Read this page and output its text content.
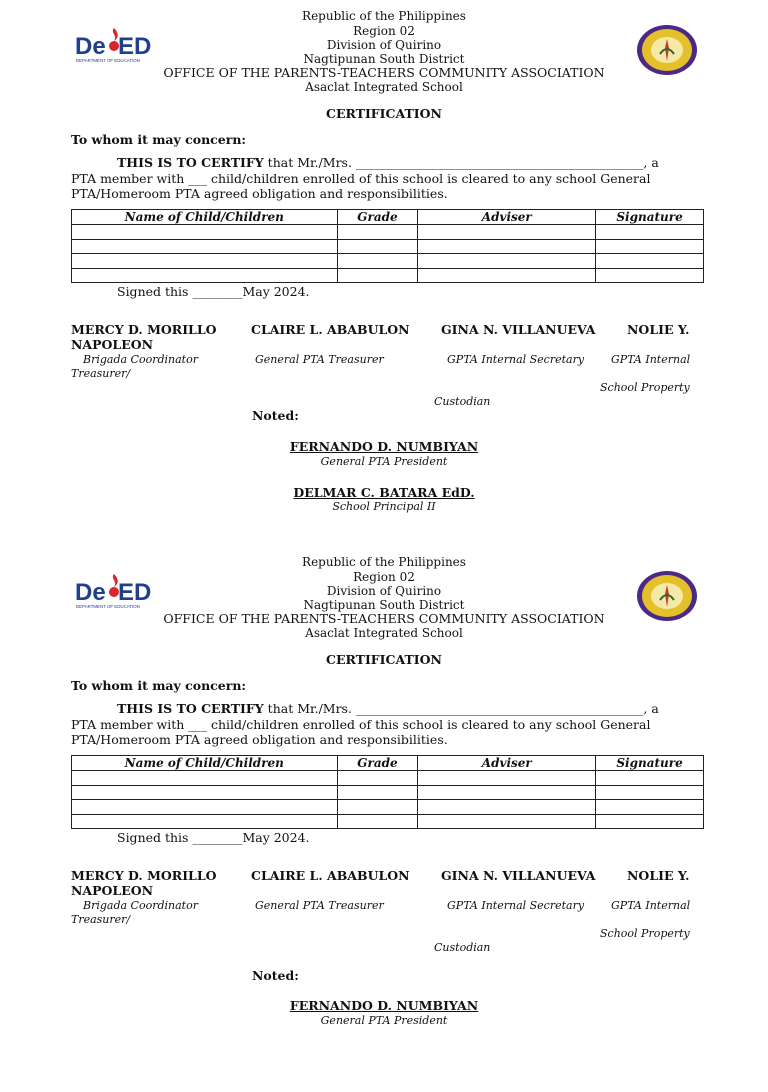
De ED
DEPARTMENT OF EDUCATION
Republic of the Philippines
Region 02
Division of Quirino
Nagtipunan South District
OFFICE OF THE PARENTS-TEACHERS COMMUNITY ASSOCIATION
Asaclat Integrated School
CERTIFICATION
To whom it may concern:
THIS IS TO CERTIFY that Mr./Mrs. ______________________________________________, a
PTA member with ___ child/children enrolled of this school is cleared to any school General
PTA/Homeroom PTA agreed obligation and responsibilities.
Name of Child/Children	Grade	Adviser	Signature

Signed this ________May 2024.
MERCY D. MORILLO	CLAIRE L. ABABULON	GINA N. VILLANUEVA	NOLIE Y.
NAPOLEON
Brigada Coordinator	General PTA Treasurer	GPTA Internal Secretary GPTA Internal
Treasurer/
School Property
Custodian
Noted:
FERNANDO D. NUMBIYAN
General PTA President
DELMAR C. BATARA EdD.
School Principal II
De ED
DEPARTMENT OF EDUCATION
Republic of the Philippines
Region 02
Division of Quirino
Nagtipunan South District
OFFICE OF THE PARENTS-TEACHERS COMMUNITY ASSOCIATION
Asaclat Integrated School
CERTIFICATION
To whom it may concern:
THIS IS TO CERTIFY that Mr./Mrs. ______________________________________________, a
PTA member with ___ child/children enrolled of this school is cleared to any school General
PTA/Homeroom PTA agreed obligation and responsibilities.
Name of Child/Children	Grade	Adviser	Signature

Signed this ________May 2024.
MERCY D. MORILLO	CLAIRE L. ABABULON	GINA N. VILLANUEVA	NOLIE Y.
NAPOLEON
Brigada Coordinator	General PTA Treasurer	GPTA Internal Secretary GPTA Internal
Treasurer/
School Property
Custodian
Noted:
FERNANDO D. NUMBIYAN
General PTA President
